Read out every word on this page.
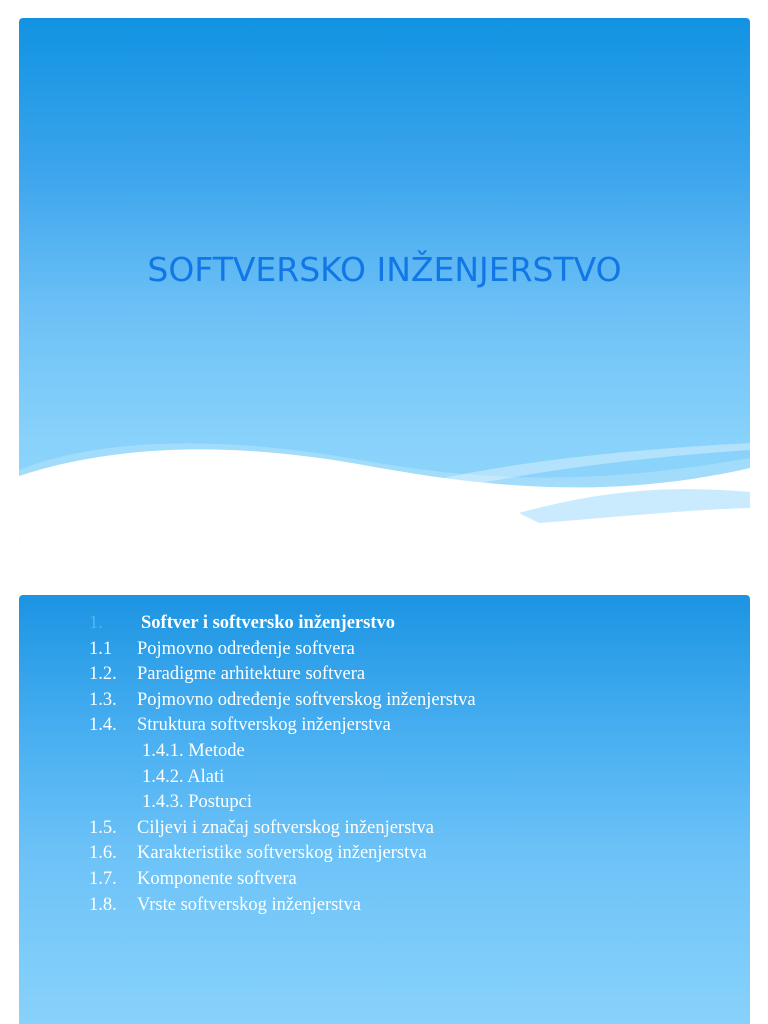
SOFTVERSKO INŽENJERSTVO
1. Softver i softversko inženjerstvo
1.1 Pojmovno određenje softvera
1.2. Paradigme arhitekture softvera
1.3. Pojmovno određenje softverskog inženjerstva
1.4. Struktura softverskog inženjerstva
1.4.1. Metode
1.4.2. Alati
1.4.3. Postupci
1.5. Ciljevi i značaj softverskog inženjerstva
1.6. Karakteristike softverskog inženjerstva
1.7. Komponente softvera
1.8. Vrste softverskog inženjerstva
